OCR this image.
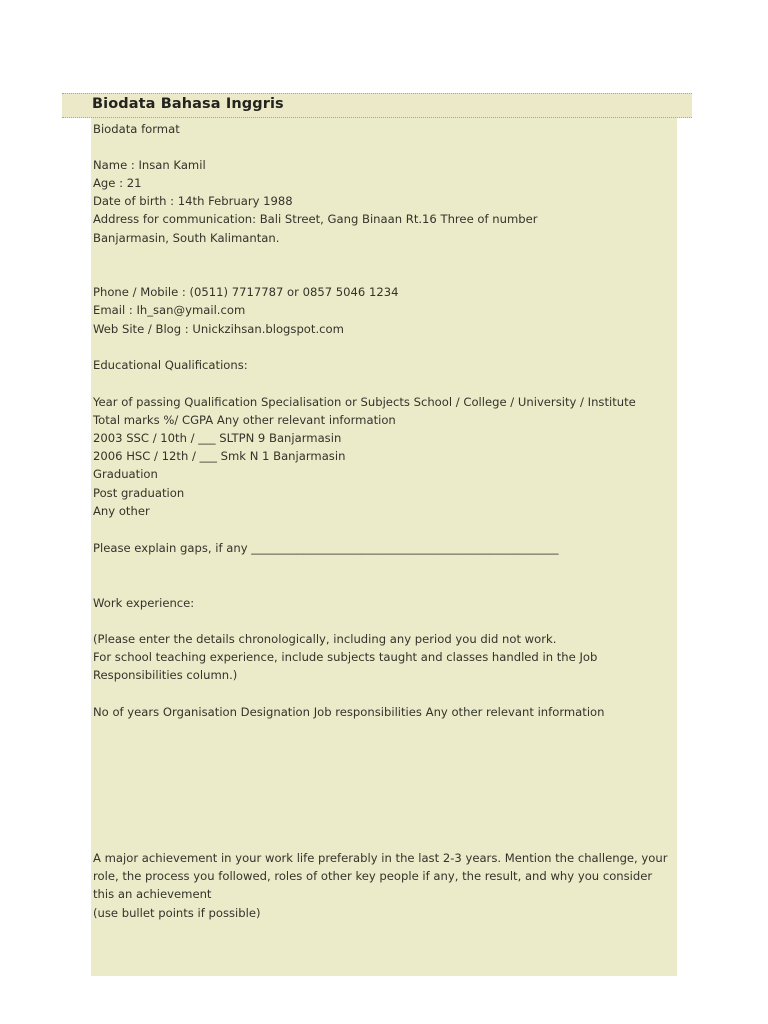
Biodata Bahasa Inggris
Biodata format
Name : Insan Kamil
Age : 21
Date of birth : 14th February 1988
Address for communication: Bali Street, Gang Binaan Rt.16 Three of number
Banjarmasin, South Kalimantan.
Phone / Mobile : (0511) 7717787 or 0857 5046 1234
Email : Ih_san@ymail.com
Web Site / Blog : Unickzihsan.blogspot.com
Educational Qualifications:
Year of passing Qualification Specialisation or Subjects School / College / University / Institute
Total marks %/ CGPA Any other relevant information
2003 SSC / 10th / ___ SLTPN 9 Banjarmasin
2006 HSC / 12th / ___ Smk N 1 Banjarmasin
Graduation
Post graduation
Any other
Please explain gaps, if any _____________________________________________________
Work experience:
(Please enter the details chronologically, including any period you did not work.
For school teaching experience, include subjects taught and classes handled in the Job
Responsibilities column.)
No of years Organisation Designation Job responsibilities Any other relevant information
A major achievement in your work life preferably in the last 2-3 years. Mention the challenge, your
role, the process you followed, roles of other key people if any, the result, and why you consider
this an achievement
(use bullet points if possible)
